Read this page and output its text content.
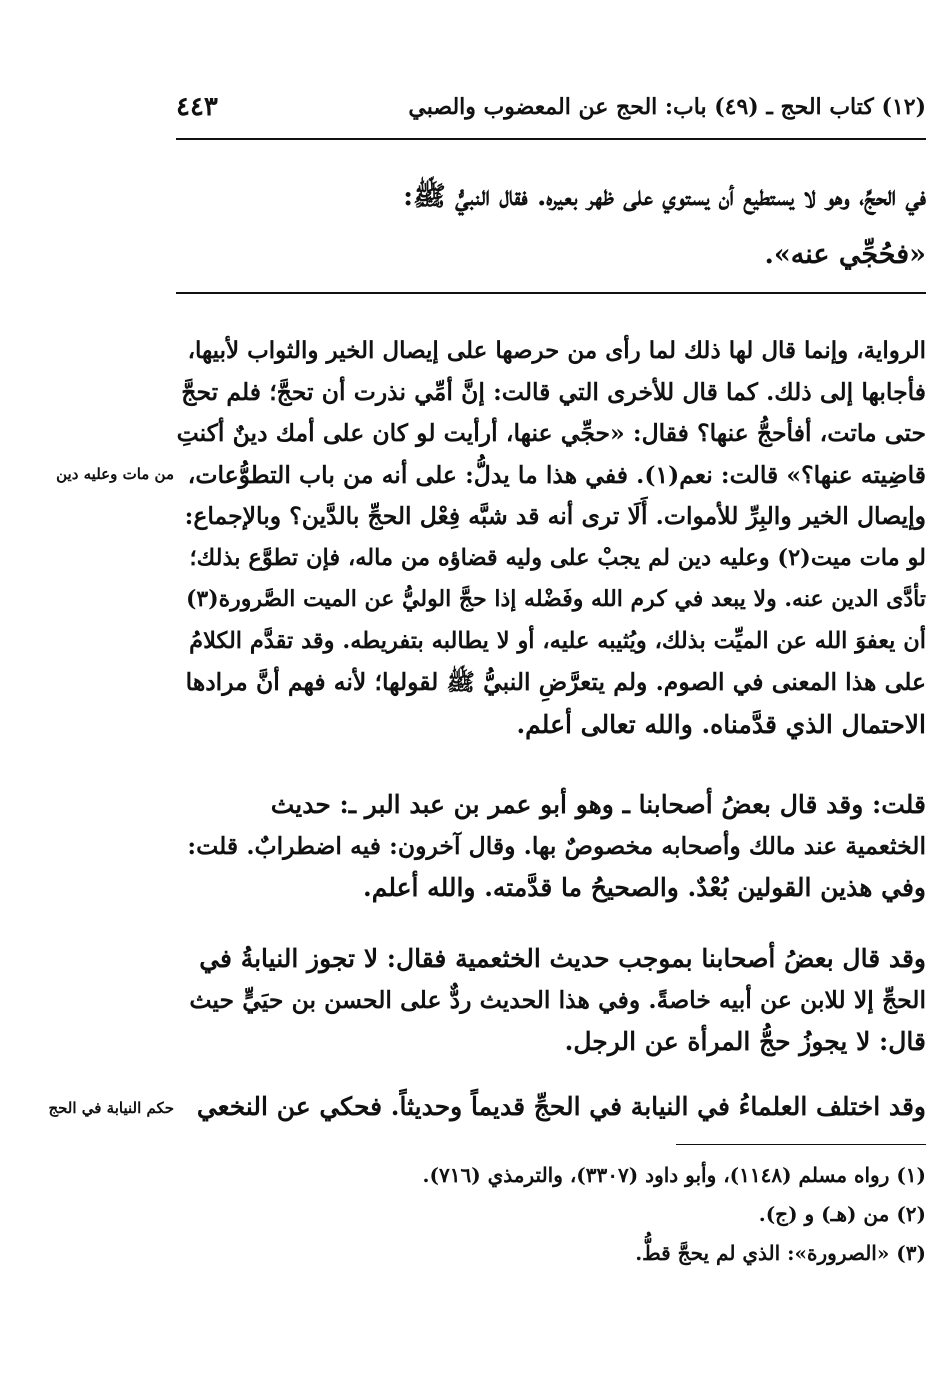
(١٢) كتاب الحج ـ (٤٩) باب: الحج عن المعضوب والصبي
٤٤٣
في الحجِّ، وهو لا يستطيع أن يستوي على ظهر بعيره. فقال النبيُّ ﷺ:
«فحُجِّي عنه».
الرواية، وإنما قال لها ذلك لما رأى من حرصها على إيصال الخير والثواب لأبيها،
فأجابها إلى ذلك. كما قال للأخرى التي قالت: إنَّ أمِّي نذرت أن تحجَّ؛ فلم تحجَّ
حتى ماتت، أفأحجُّ عنها؟ فقال: «حجِّي عنها، أرأيت لو كان على أمك دينٌ أكنتِ
قاضِيته عنها؟» قالت: نعم(١). ففي هذا ما يدلُّ: على أنه من باب التطوُّعات،
وإيصال الخير والبِرِّ للأموات. أَلَا ترى أنه قد شبَّه فِعْل الحجِّ بالدَّين؟ وبالإجماع:
لو مات ميت(٢) وعليه دين لم يجبْ على وليه قضاؤه من ماله، فإن تطوَّع بذلك؛
تأدَّى الدين عنه. ولا يبعد في كرم الله وفَضْله إذا حجَّ الوليُّ عن الميت الصَّرورة(٣)
أن يعفوَ الله عن الميِّت بذلك، ويُثيبه عليه، أو لا يطالبه بتفريطه. وقد تقدَّم الكلامُ
على هذا المعنى في الصوم. ولم يتعرَّضِ النبيُّ ﷺ لقولها؛ لأنه فهم أنَّ مرادها
الاحتمال الذي قدَّمناه. والله تعالى أعلم.
من مات وعليه دين
قلت: وقد قال بعضُ أصحابنا ـ وهو أبو عمر بن عبد البر ـ: حديث
الخثعمية عند مالك وأصحابه مخصوصٌ بها. وقال آخرون: فيه اضطرابٌ. قلت:
وفي هذين القولين بُعْدٌ. والصحيحُ ما قدَّمته. والله أعلم.
وقد قال بعضُ أصحابنا بموجب حديث الخثعمية فقال: لا تجوز النيابةُ في
الحجِّ إلا للابن عن أبيه خاصةً. وفي هذا الحديث ردٌّ على الحسن بن حيَيٍّ حيث
قال: لا يجوزُ حجُّ المرأة عن الرجل.
وقد اختلف العلماءُ في النيابة في الحجِّ قديماً وحديثاً. فحكي عن النخعي
حكم النيابة في الحج
(١) رواه مسلم (١١٤٨)، وأبو داود (٣٣٠٧)، والترمذي (٧١٦).
(٢) من (هـ) و (ج).
(٣) «الصرورة»: الذي لم يحجَّ قطُّ.
